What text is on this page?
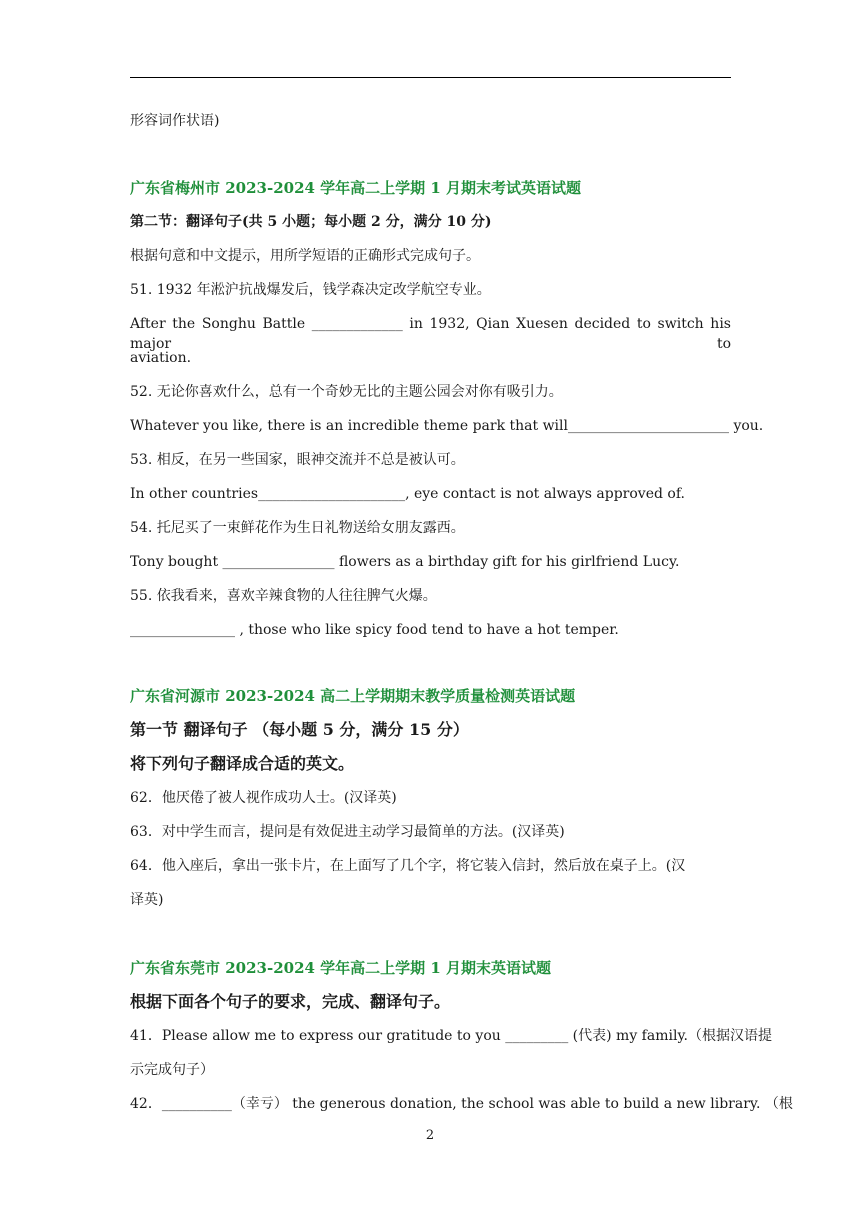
形容词作状语)
广东省梅州市 2023-2024 学年高二上学期 1 月期末考试英语试题
第二节：翻译句子(共 5 小题；每小题 2 分，满分 10 分)
根据句意和中文提示，用所学短语的正确形式完成句子。
51. 1932 年淞沪抗战爆发后，钱学森决定改学航空专业。
After the Songhu Battle _____________ in 1932, Qian Xuesen decided to switch his major to
aviation.
52. 无论你喜欢什么，总有一个奇妙无比的主题公园会对你有吸引力。
Whatever you like, there is an incredible theme park that will_______________________ you.
53. 相反，在另一些国家，眼神交流并不总是被认可。
In other countries_____________________, eye contact is not always approved of.
54. 托尼买了一束鲜花作为生日礼物送给女朋友露西。
Tony bought ________________ flowers as a birthday gift for his girlfriend Lucy.
55. 依我看来，喜欢辛辣食物的人往往脾气火爆。
_______________ , those who like spicy food tend to have a hot temper.
广东省河源市 2023-2024 高二上学期期末教学质量检测英语试题
第一节 翻译句子 （每小题 5 分，满分 15 分）
将下列句子翻译成合适的英文。
62．他厌倦了被人视作成功人士。(汉译英)
63．对中学生而言，提问是有效促进主动学习最简单的方法。(汉译英)
64．他入座后，拿出一张卡片，在上面写了几个字，将它装入信封，然后放在桌子上。(汉
译英)
广东省东莞市 2023-2024 学年高二上学期 1 月期末英语试题
根据下面各个句子的要求，完成、翻译句子。
41．Please allow me to express our gratitude to you _________ (代表) my family.（根据汉语提
示完成句子）
42．__________（幸亏） the generous donation, the school was able to build a new library. （根
2
